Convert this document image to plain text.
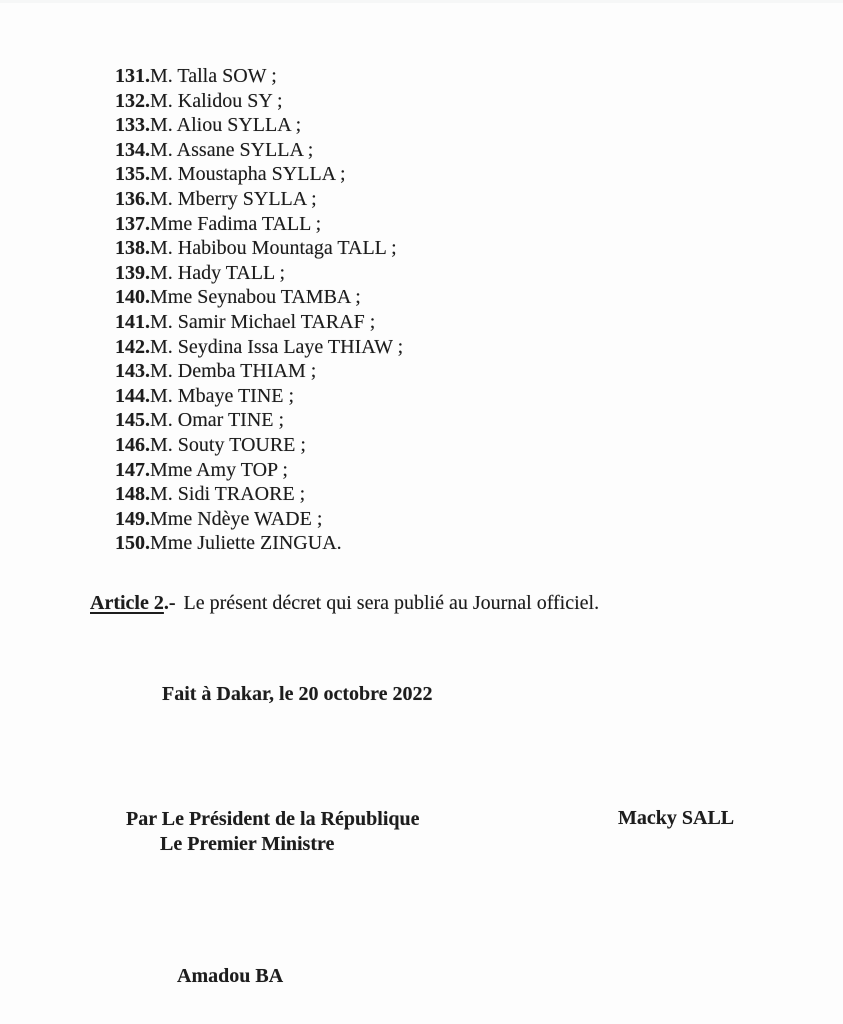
131.M. Talla SOW ;
132.M. Kalidou SY ;
133.M. Aliou SYLLA ;
134.M. Assane SYLLA ;
135.M. Moustapha SYLLA ;
136.M. Mberry SYLLA ;
137.Mme Fadima TALL ;
138.M. Habibou Mountaga TALL ;
139.M. Hady TALL ;
140.Mme Seynabou TAMBA ;
141.M. Samir Michael TARAF ;
142.M. Seydina Issa Laye THIAW ;
143.M. Demba THIAM ;
144.M. Mbaye TINE ;
145.M. Omar TINE ;
146.M. Souty TOURE ;
147.Mme Amy TOP ;
148.M. Sidi TRAORE ;
149.Mme Ndèye WADE ;
150.Mme Juliette ZINGUA.

Article 2.- Le présent décret qui sera publié au Journal officiel.

Fait à Dakar, le 20 octobre 2022

Par Le Président de la République
Le Premier Ministre
Macky SALL
Amadou BA
